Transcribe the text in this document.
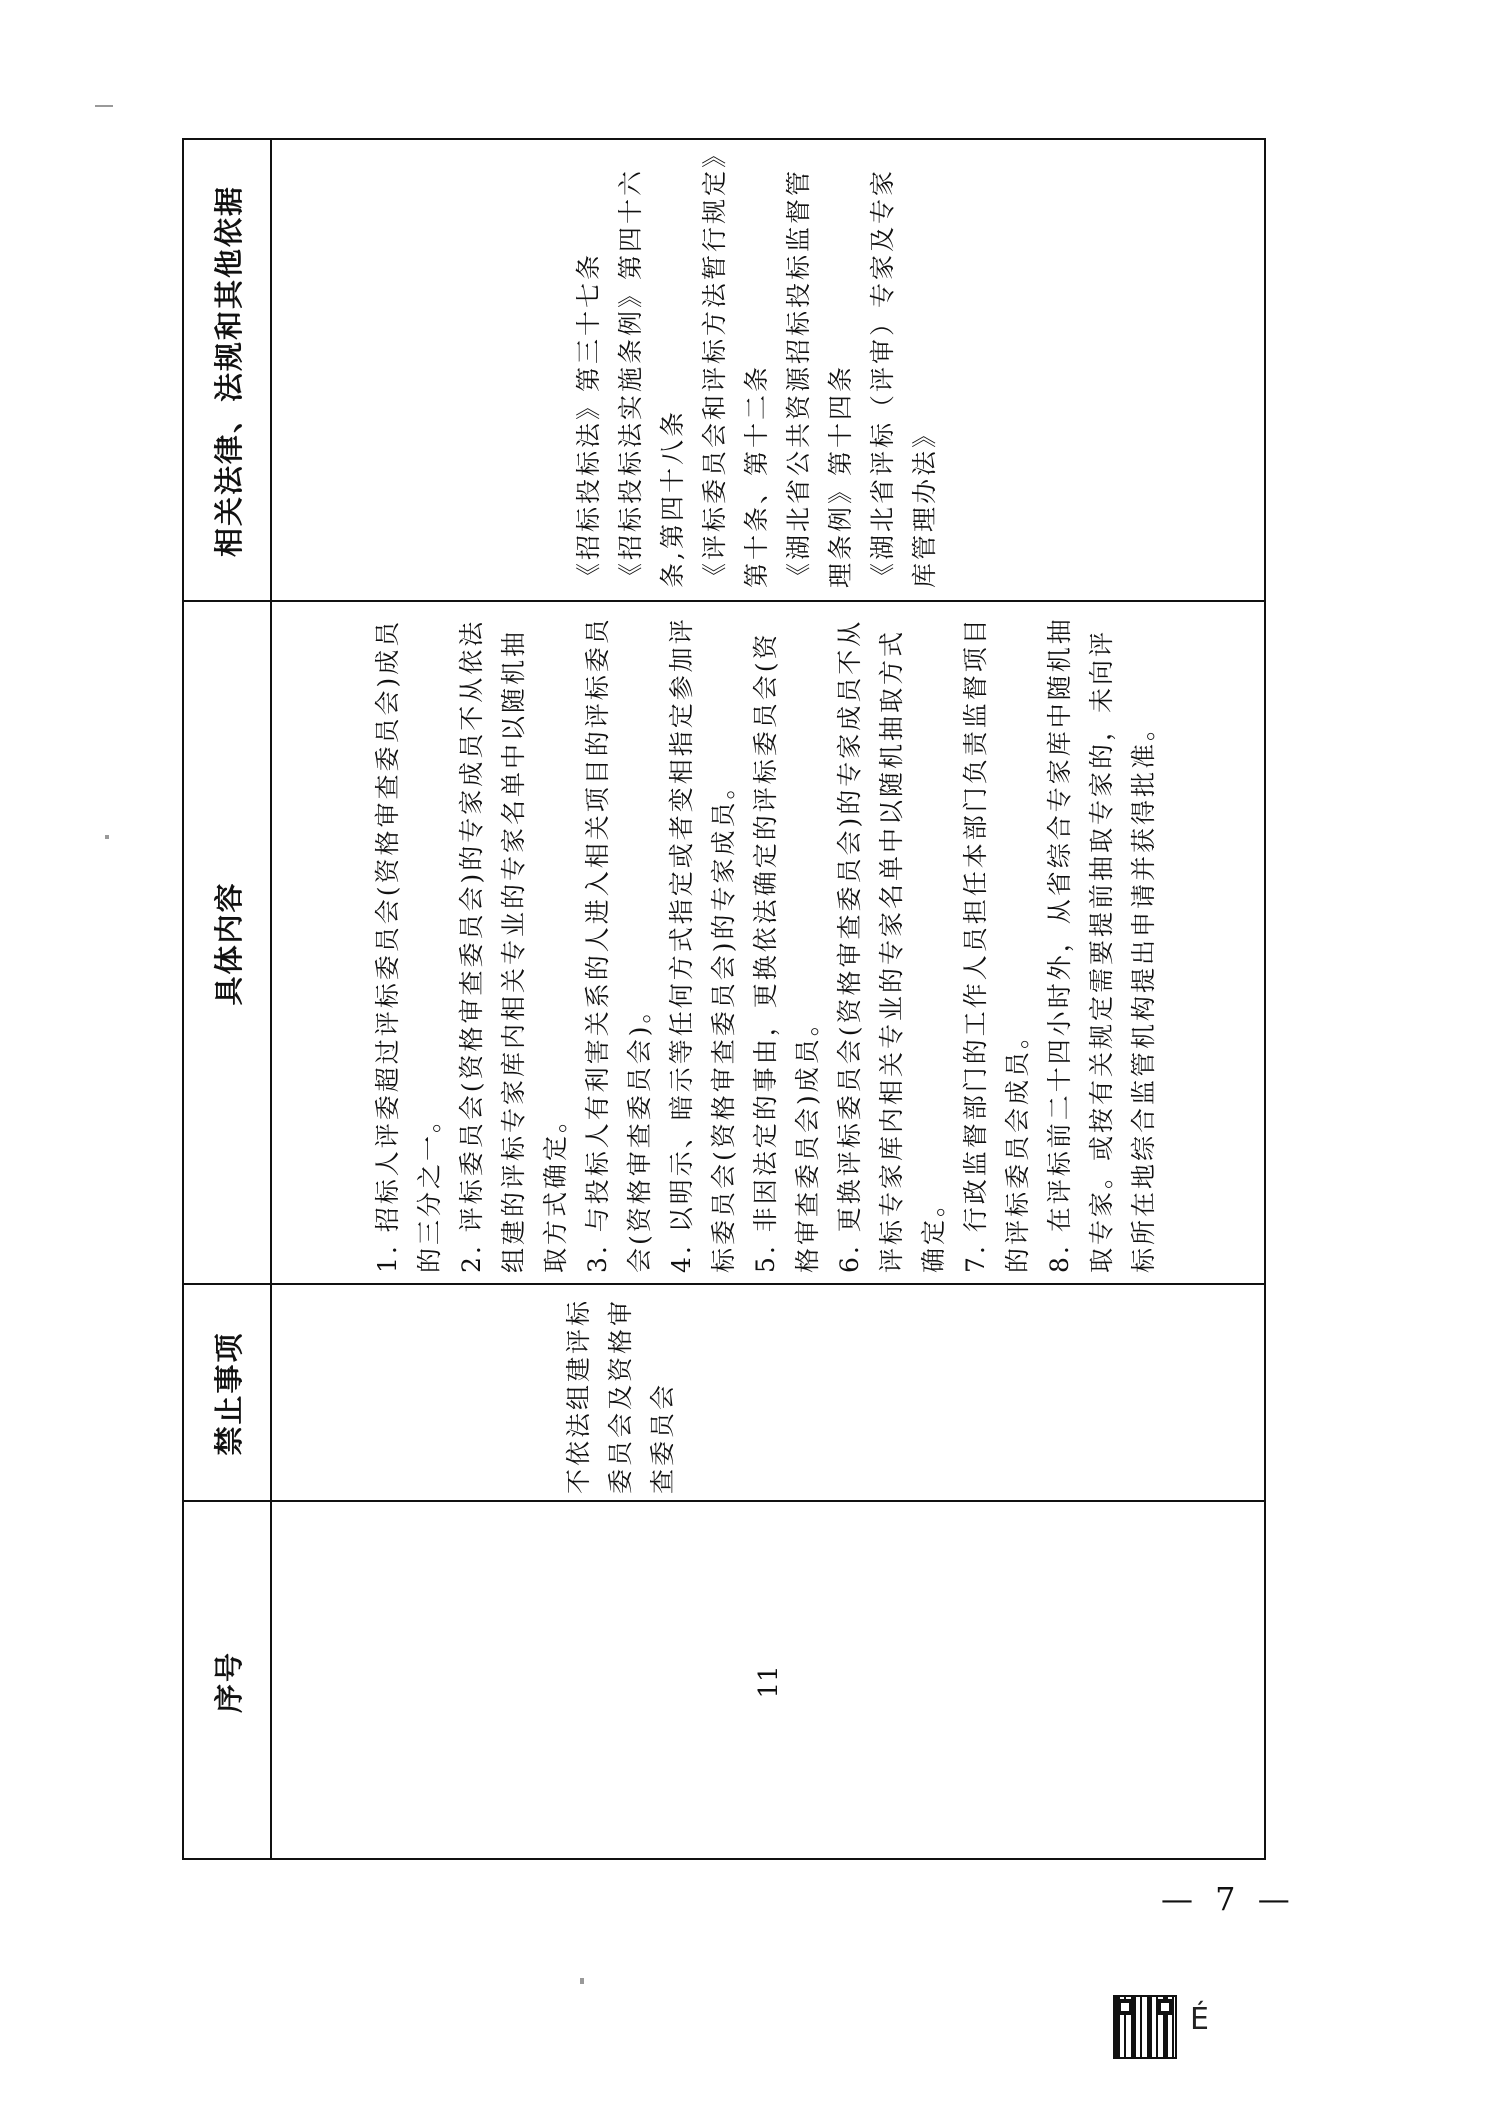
序号
禁止事项
具体内容
相关法律、法规和其他依据
11
不依法组建评标委员会及资格审查委员会

1. 招标人评委超过评标委员会(资格审查委员会)成员的三分之一。 2. 评标委员会(资格审查委员会)的专家成员不从依法组建的评标专家库内相关专业的专家名单中以随机抽取方式确定。 3. 与投标人有利害关系的人进入相关项目的评标委员会(资格审查委员会)。 4. 以明示、暗示等任何方式指定或者变相指定参加评标委员会(资格审查委员会)的专家成员。 5. 非因法定的事由，更换依法确定的评标委员会(资格审查委员会)成员。 6. 更换评标委员会(资格审查委员会)的专家成员不从评标专家库内相关专业的专家名单中以随机抽取方式确定。 7. 行政监督部门的工作人员担任本部门负责监督项目的评标委员会成员。 8. 在评标前二十四小时外，从省综合专家库中随机抽取专家。或按有关规定需要提前抽取专家的，未向评标所在地综合监管机构提出申请并获得批准。

《招标投标法》第三十七条 《招标投标法实施条例》第四十六条,第四十八条 《评标委员会和评标方法暂行规定》第十条、第十二条 《湖北省公共资源招标投标监督管理条例》第十四条 《湖北省评标（评审）专家及专家库管理办法》

— 7 —
É
